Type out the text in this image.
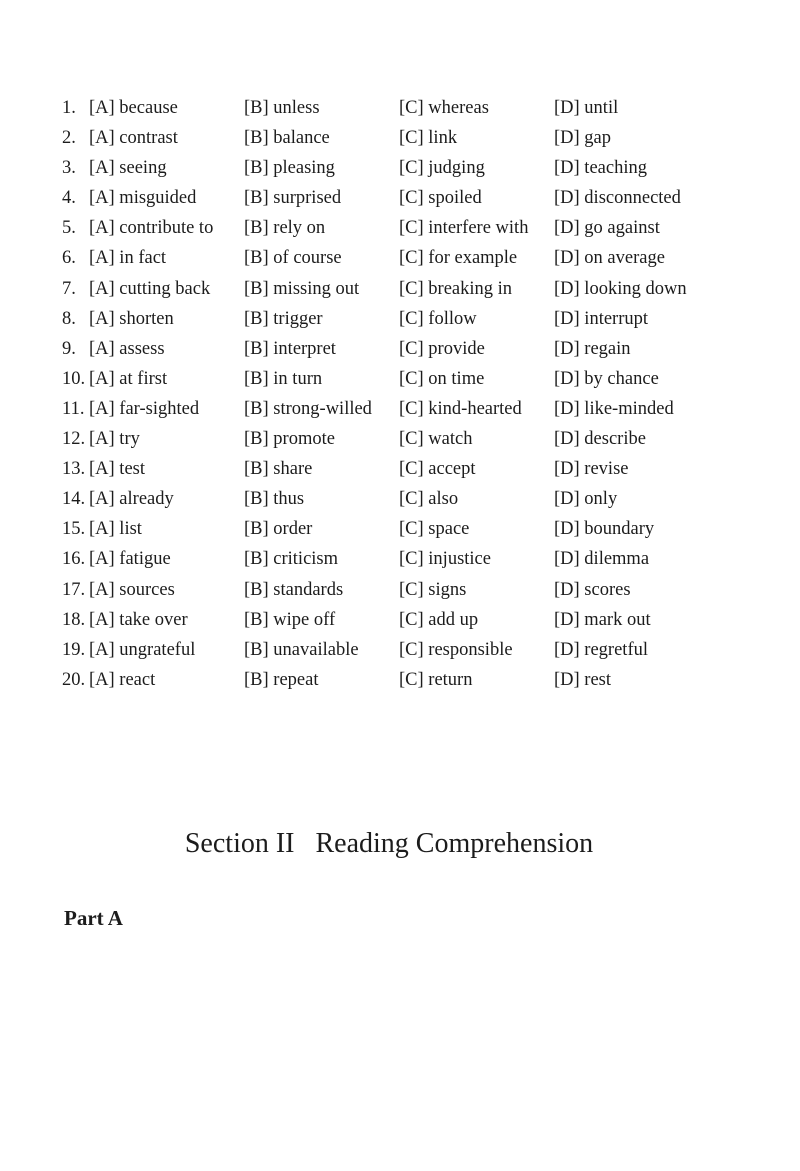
1. [A] because	[B] unless	[C] whereas	[D] until
2. [A] contrast	[B] balance	[C] link	[D] gap
3. [A] seeing	[B] pleasing	[C] judging	[D] teaching
4. [A] misguided	[B] surprised	[C] spoiled	[D] disconnected
5. [A] contribute to [B] rely on	[C] interfere with [D] go against
6. [A] in fact	[B] of course	[C] for example [D] on average
7. [A] cutting back [B] missing out [C] breaking in [D] looking down
8. [A] shorten	[B] trigger	[C] follow	[D] interrupt
9. [A] assess	[B] interpret	[C] provide	[D] regain
10. [A] at first	[B] in turn	[C] on time	[D] by chance
11. [A] far-sighted [B] strong-willed [C] kind-hearted [D] like-minded
12. [A] try	[B] promote	[C] watch	[D] describe
13. [A] test	[B] share	[C] accept	[D] revise
14. [A] already	[B] thus	[C] also	[D] only
15. [A] list	[B] order	[C] space	[D] boundary
16. [A] fatigue	[B] criticism	[C] injustice	[D] dilemma
17. [A] sources	[B] standards	[C] signs	[D] scores
18. [A] take over	[B] wipe off	[C] add up	[D] mark out
19. [A] ungrateful	[B] unavailable [C] responsible [D] regretful
20. [A] react	[B] repeat	[C] return	[D] rest
Section II   Reading Comprehension
Part A
